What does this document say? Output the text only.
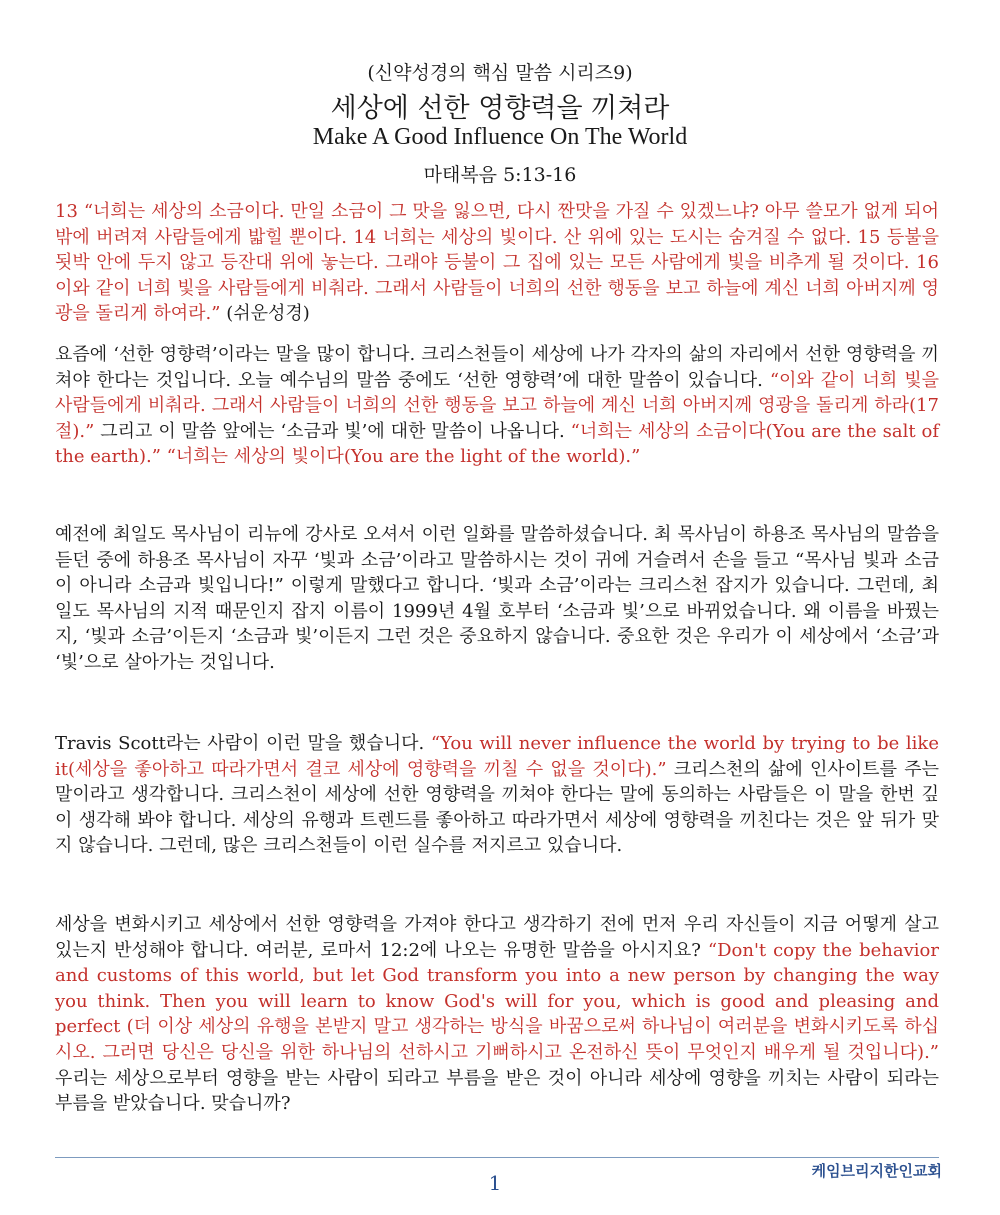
(신약성경의 핵심 말씀 시리즈9)
세상에 선한 영향력을 끼쳐라
Make A Good Influence On The World
마태복음 5:13-16

13 “너희는 세상의 소금이다. 만일 소금이 그 맛을 잃으면, 다시 짠맛을 가질 수 있겠느냐? 아무 쓸모가 없게 되어 밖에 버려져 사람들에게 밟힐 뿐이다. 14 너희는 세상의 빛이다. 산 위에 있는 도시는 숨겨질 수 없다. 15 등불을 됫박 안에 두지 않고 등잔대 위에 놓는다. 그래야 등불이 그 집에 있는 모든 사람에게 빛을 비추게 될 것이다. 16 이와 같이 너희 빛을 사람들에게 비춰라. 그래서 사람들이 너희의 선한 행동을 보고 하늘에 계신 너희 아버지께 영광을 돌리게 하여라.” (쉬운성경)

요즘에 ‘선한 영향력’이라는 말을 많이 합니다. 크리스천들이 세상에 나가 각자의 삶의 자리에서 선한 영향력을 끼쳐야 한다는 것입니다. 오늘 예수님의 말씀 중에도 ‘선한 영향력’에 대한 말씀이 있습니다. “이와 같이 너희 빛을 사람들에게 비춰라. 그래서 사람들이 너희의 선한 행동을 보고 하늘에 계신 너희 아버지께 영광을 돌리게 하라(17절).” 그리고 이 말씀 앞에는 ‘소금과 빛’에 대한 말씀이 나옵니다. “너희는 세상의 소금이다(You are the salt of the earth).” “너희는 세상의 빛이다(You are the light of the world).”

예전에 최일도 목사님이 리뉴에 강사로 오셔서 이런 일화를 말씀하셨습니다. 최 목사님이 하용조 목사님의 말씀을 듣던 중에 하용조 목사님이 자꾸 ‘빛과 소금’이라고 말씀하시는 것이 귀에 거슬려서 손을 들고 “목사님 빛과 소금이 아니라 소금과 빛입니다!” 이렇게 말했다고 합니다. ‘빛과 소금’이라는 크리스천 잡지가 있습니다. 그런데, 최일도 목사님의 지적 때문인지 잡지 이름이 1999년 4월 호부터 ‘소금과 빛’으로 바뀌었습니다. 왜 이름을 바꿨는지, ‘빛과 소금’이든지 ‘소금과 빛’이든지 그런 것은 중요하지 않습니다. 중요한 것은 우리가 이 세상에서 ‘소금’과 ‘빛’으로 살아가는 것입니다.

Travis Scott라는 사람이 이런 말을 했습니다. “You will never influence the world by trying to be like it(세상을 좋아하고 따라가면서 결코 세상에 영향력을 끼칠 수 없을 것이다).” 크리스천의 삶에 인사이트를 주는 말이라고 생각합니다. 크리스천이 세상에 선한 영향력을 끼쳐야 한다는 말에 동의하는 사람들은 이 말을 한번 깊이 생각해 봐야 합니다. 세상의 유행과 트렌드를 좋아하고 따라가면서 세상에 영향력을 끼친다는 것은 앞 뒤가 맞지 않습니다. 그런데, 많은 크리스천들이 이런 실수를 저지르고 있습니다.

세상을 변화시키고 세상에서 선한 영향력을 가져야 한다고 생각하기 전에 먼저 우리 자신들이 지금 어떻게 살고 있는지 반성해야 합니다. 여러분, 로마서 12:2에 나오는 유명한 말씀을 아시지요? “Don't copy the behavior and customs of this world, but let God transform you into a new person by changing the way you think. Then you will learn to know God's will for you, which is good and pleasing and perfect (더 이상 세상의 유행을 본받지 말고 생각하는 방식을 바꿈으로써 하나님이 여러분을 변화시키도록 하십시오. 그러면 당신은 당신을 위한 하나님의 선하시고 기뻐하시고 온전하신 뜻이 무엇인지 배우게 될 것입니다).” 우리는 세상으로부터 영향을 받는 사람이 되라고 부름을 받은 것이 아니라 세상에 영향을 끼치는 사람이 되라는 부름을 받았습니다. 맞습니까?

1	케임브리지한인교회
